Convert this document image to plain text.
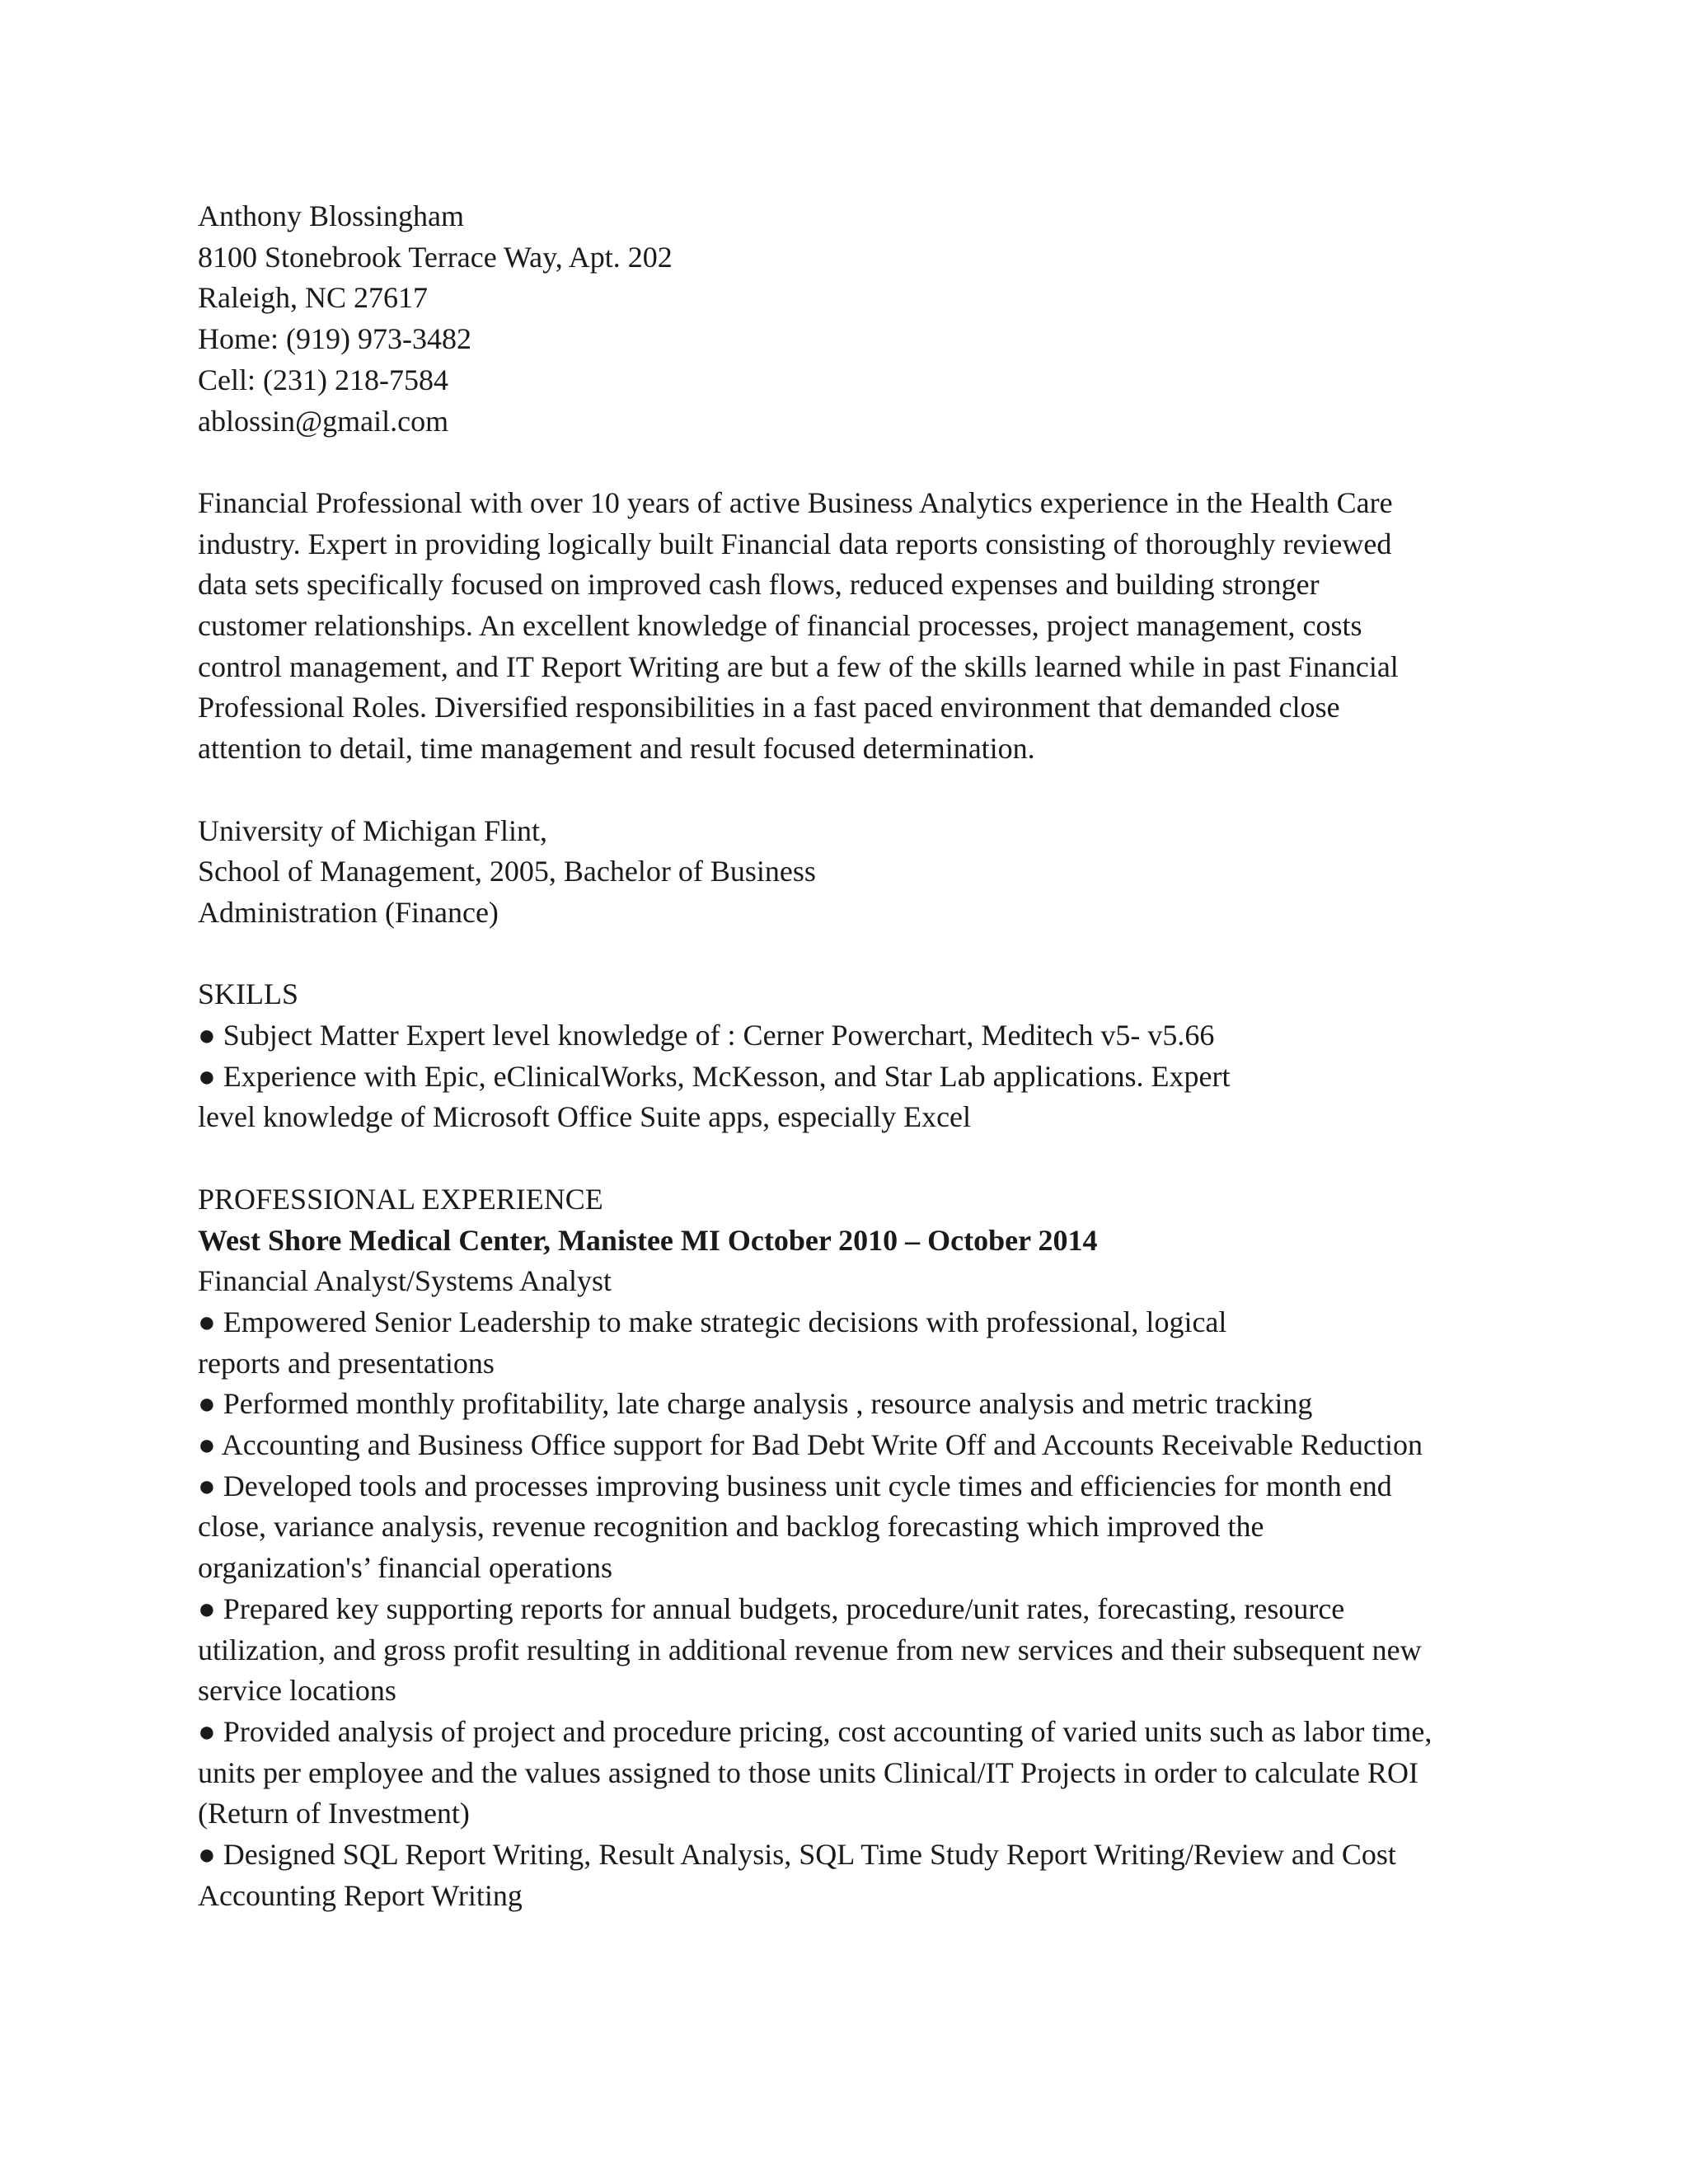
Anthony Blossingham
8100 Stonebrook Terrace Way, Apt. 202
Raleigh, NC 27617
Home: (919) 973-3482
Cell: (231) 218-7584
ablossin@gmail.com
Financial Professional with over 10 years of active Business Analytics experience in the Health Care
industry. Expert in providing logically built Financial data reports consisting of thoroughly reviewed
data sets specifically focused on improved cash flows, reduced expenses and building stronger
customer relationships. An excellent knowledge of financial processes, project management, costs
control management, and IT Report Writing are but a few of the skills learned while in past Financial
Professional Roles. Diversified responsibilities in a fast paced environment that demanded close
attention to detail, time management and result focused determination.
University of Michigan Flint,
School of Management, 2005, Bachelor of Business
Administration (Finance)
SKILLS
● Subject Matter Expert level knowledge of : Cerner Powerchart, Meditech v5- v5.66
● Experience with Epic, eClinicalWorks, McKesson, and Star Lab applications. Expert
level knowledge of Microsoft Office Suite apps, especially Excel
PROFESSIONAL EXPERIENCE
West Shore Medical Center, Manistee MI October 2010 – October 2014
Financial Analyst/Systems Analyst
● Empowered Senior Leadership to make strategic decisions with professional, logical
reports and presentations
● Performed monthly profitability, late charge analysis , resource analysis and metric tracking
● Accounting and Business Office support for Bad Debt Write Off and Accounts Receivable Reduction
● Developed tools and processes improving business unit cycle times and efficiencies for month end
close, variance analysis, revenue recognition and backlog forecasting which improved the
organization's’ financial operations
● Prepared key supporting reports for annual budgets, procedure/unit rates, forecasting, resource
utilization, and gross profit resulting in additional revenue from new services and their subsequent new
service locations
● Provided analysis of project and procedure pricing, cost accounting of varied units such as labor time,
units per employee and the values assigned to those units Clinical/IT Projects in order to calculate ROI
(Return of Investment)
● Designed SQL Report Writing, Result Analysis, SQL Time Study Report Writing/Review and Cost
Accounting Report Writing
